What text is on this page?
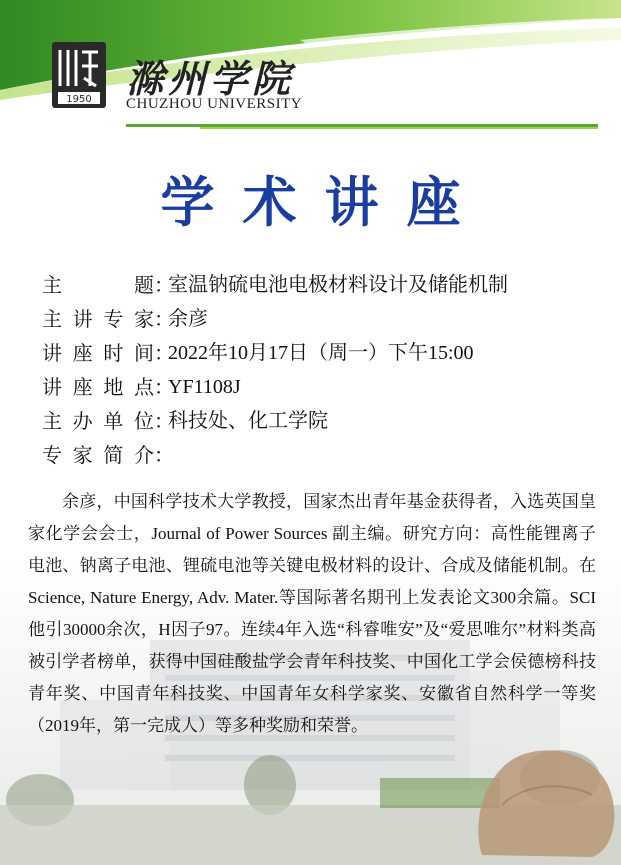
1950 滁州学院
CHUZHOU UNIVERSITY
学术讲座
主	题 ：
室温钠硫电池电极材料设计及储能机制
主 讲 专 家 ：
余彦
讲 座 时 间 ：
2022年10月17日（周一）下午15:00
讲 座 地 点 ：
YF1108J
主 办 单 位 ：
科技处、化工学院
专 家 简 介 ：
余彦，中国科学技术大学教授，国家杰出青年基金获得者，入选英国皇家化学会会士，Journal of Power Sources 副主编。研究方向：高性能锂离子电池、钠离子电池、锂硫电池等关键电极材料的设计、合成及储能机制。在Science, Nature Energy, Adv. Mater.等国际著名期刊上发表论文300余篇。SCI他引30000余次，H因子97。连续4年入选“科睿唯安”及“爱思唯尔”材料类高被引学者榜单，获得中国硅酸盐学会青年科技奖、中国化工学会侯德榜科技青年奖、中国青年科技奖、中国青年女科学家奖、安徽省自然科学一等奖 （2019年，第一完成人）等多种奖励和荣誉。
